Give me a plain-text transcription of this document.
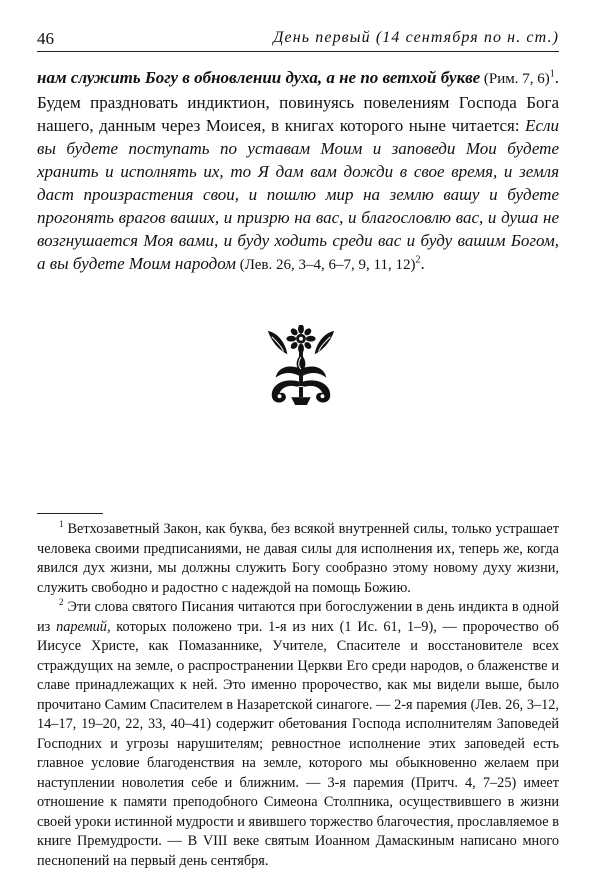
46	День первый (14 сентября по н. ст.)

нам служить Богу в обновлении духа, а не по ветхой букве (Рим. 7, 6)$^1$. Будем праздновать индиктион, повинуясь повелениям Господа Бога нашего, данным через Моисея, в книгах которого ныне читается: Если вы будете поступать по уставам Моим и заповеди Мои будете хранить и исполнять их, то Я дам вам дожди в свое время, и земля даст произрастения свои, и пошлю мир на землю вашу и будете прогонять врагов ваших, и призрю на вас, и благословлю вас, и душа не возгнушается Моя вами, и буду ходить среди вас и буду вашим Богом, а вы будете Моим народом (Лев. 26, 3–4, 6–7, 9, 11, 12)$^2$.

$^1$ Ветхозаветный Закон, как буква, без всякой внутренней силы, только устрашает человека своими предписаниями, не давая силы для исполнения их, теперь же, когда явился дух жизни, мы должны служить Богу сообразно этому новому духу жизни, служить свободно и радостно с надеждой на помощь Божию.

$^2$ Эти слова святого Писания читаются при богослужении в день индикта в одной из паремий, которых положено три. 1-я из них (1 Ис. 61, 1–9), — пророчество об Иисусе Христе, как Помазаннике, Учителе, Спасителе и восстановителе всех страждущих на земле, о распространении Церкви Его среди народов, о блаженстве и славе принадлежащих к ней. Это именно пророчество, как мы видели выше, было прочитано Самим Спасителем в Назаретской синагоге. — 2-я паремия (Лев. 26, 3–12, 14–17, 19–20, 22, 33, 40–41) содержит обетования Господа исполнителям Заповедей Господних и угрозы нарушителям; ревностное исполнение этих заповедей есть главное условие благоденствия на земле, которого мы обыкновенно желаем при наступлении новолетия себе и ближним. — 3-я паремия (Притч. 4, 7–25) имеет отношение к памяти преподобного Симеона Столпника, осуществившего в жизни своей уроки истинной мудрости и явившего торжество благочестия, прославляемое в книге Премудрости. — В VIII веке святым Иоанном Дамаскиным написано много песнопений на первый день сентября.
